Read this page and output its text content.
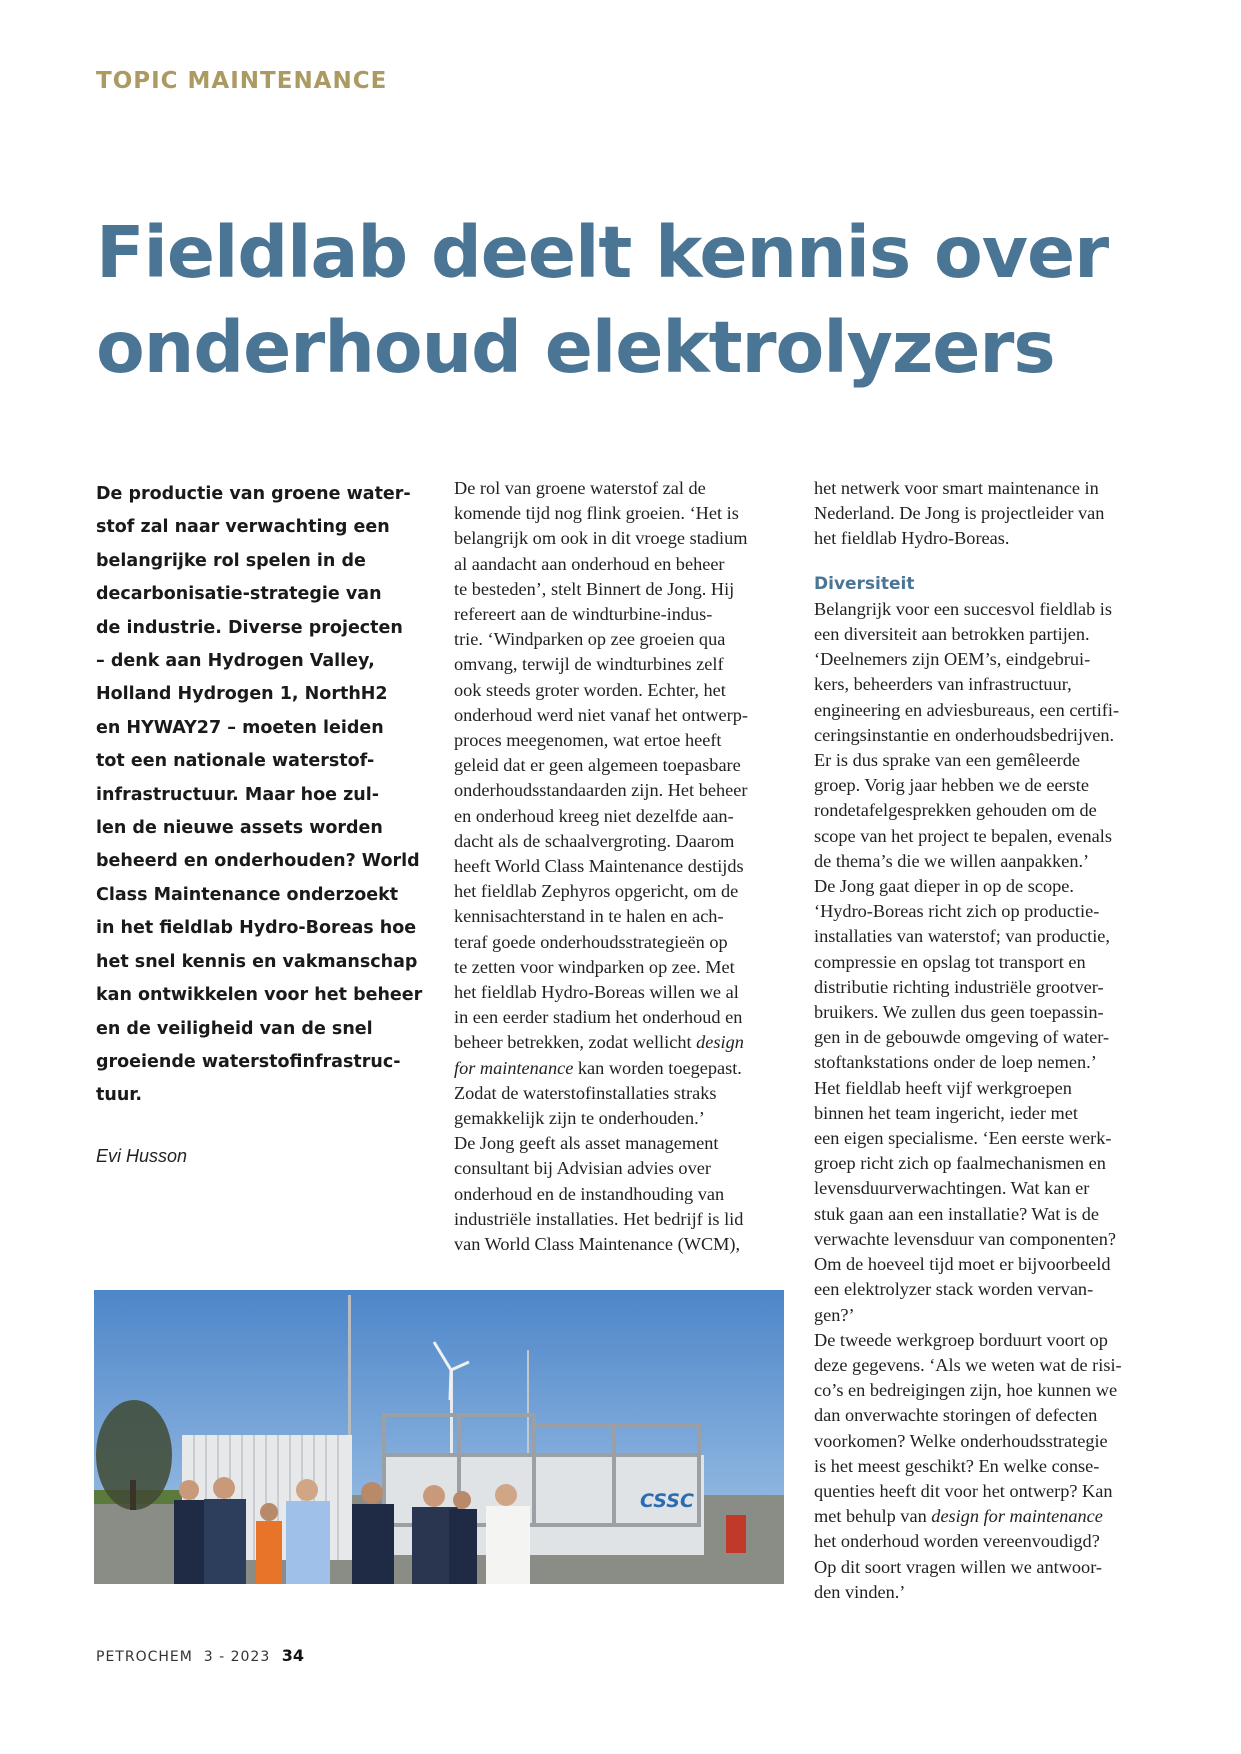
TOPIC MAINTENANCE
Fieldlab deelt kennis over
onderhoud elektrolyzers
De productie van groene water-
stof zal naar verwachting een
belangrijke rol spelen in de
decarbonisatie-strategie van
de industrie. Diverse projecten
– denk aan Hydrogen Valley,
Holland Hydrogen 1, NorthH2
en HYWAY27 – moeten leiden
tot een nationale waterstof-
infrastructuur. Maar hoe zul-
len de nieuwe assets worden
beheerd en onderhouden? World
Class Maintenance onderzoekt
in het fieldlab Hydro-Boreas hoe
het snel kennis en vakmanschap
kan ontwikkelen voor het beheer
en de veiligheid van de snel
groeiende waterstofinfrastruc-
tuur.
Evi Husson
De rol van groene waterstof zal de
komende tijd nog flink groeien. ‘Het is
belangrijk om ook in dit vroege stadium
al aandacht aan onderhoud en beheer
te besteden’, stelt Binnert de Jong. Hij
refereert aan de windturbine-indus-
trie. ‘Windparken op zee groeien qua
omvang, terwijl de windturbines zelf
ook steeds groter worden. Echter, het
onderhoud werd niet vanaf het ontwerp-
proces meegenomen, wat ertoe heeft
geleid dat er geen algemeen toepasbare
onderhoudsstandaarden zijn. Het beheer
en onderhoud kreeg niet dezelfde aan-
dacht als de schaalvergroting. Daarom
heeft World Class Maintenance destijds
het fieldlab Zephyros opgericht, om de
kennisachterstand in te halen en ach-
teraf goede onderhoudsstrategieën op
te zetten voor windparken op zee. Met
het fieldlab Hydro-Boreas willen we al
in een eerder stadium het onderhoud en
beheer betrekken, zodat wellicht design
for maintenance kan worden toegepast.
Zodat de waterstofinstallaties straks
gemakkelijk zijn te onderhouden.’
De Jong geeft als asset management
consultant bij Advisian advies over
onderhoud en de instandhouding van
industriële installaties. Het bedrijf is lid
van World Class Maintenance (WCM),
het netwerk voor smart maintenance in
Nederland. De Jong is projectleider van
het fieldlab Hydro-Boreas.
Diversiteit
Belangrijk voor een succesvol fieldlab is
een diversiteit aan betrokken partijen.
‘Deelnemers zijn OEM’s, eindgebrui-
kers, beheerders van infrastructuur,
engineering en adviesbureaus, een certifi-
ceringsinstantie en onderhoudsbedrijven.
Er is dus sprake van een gemêleerde
groep. Vorig jaar hebben we de eerste
rondetafelgesprekken gehouden om de
scope van het project te bepalen, evenals
de thema’s die we willen aanpakken.’
De Jong gaat dieper in op de scope.
‘Hydro-Boreas richt zich op productie-
installaties van waterstof; van productie,
compressie en opslag tot transport en
distributie richting industriële grootver-
bruikers. We zullen dus geen toepassin-
gen in de gebouwde omgeving of water-
stoftankstations onder de loep nemen.’
Het fieldlab heeft vijf werkgroepen
binnen het team ingericht, ieder met
een eigen specialisme. ‘Een eerste werk-
groep richt zich op faalmechanismen en
levensduurverwachtingen. Wat kan er
stuk gaan aan een installatie? Wat is de
verwachte levensduur van componenten?
Om de hoeveel tijd moet er bijvoorbeeld
een elektrolyzer stack worden vervan-
gen?’
De tweede werkgroep borduurt voort op
deze gegevens. ‘Als we weten wat de risi-
co’s en bedreigingen zijn, hoe kunnen we
dan onverwachte storingen of defecten
voorkomen? Welke onderhoudsstrategie
is het meest geschikt? En welke conse-
quenties heeft dit voor het ontwerp? Kan
met behulp van design for maintenance
het onderhoud worden vereenvoudigd?
Op dit soort vragen willen we antwoor-
den vinden.’
CSSC
PETROCHEM 3 - 2023 34
